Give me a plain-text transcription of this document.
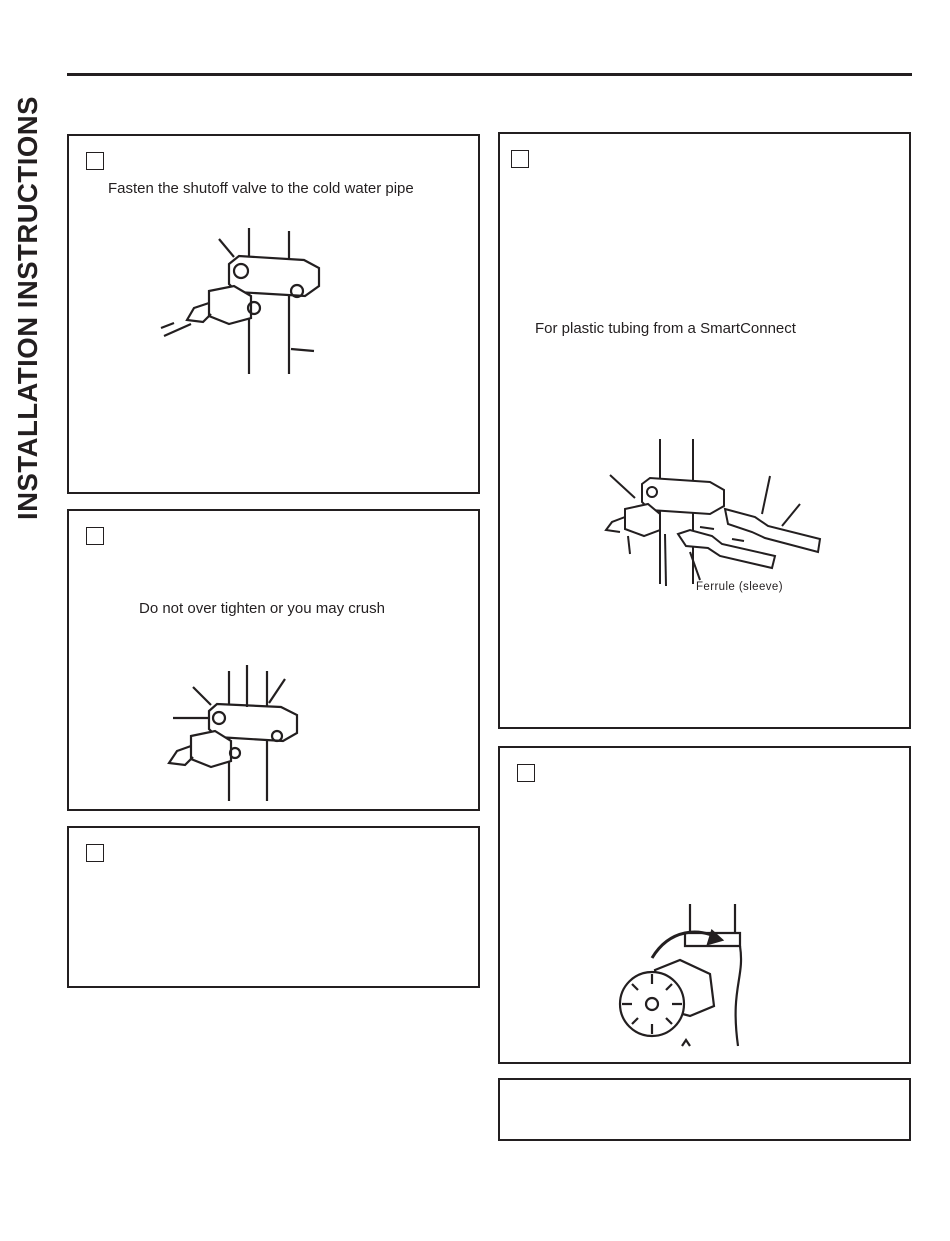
INSTALLATION INSTRUCTIONS	Fasten the shutoff valve to the cold water pipe
Do not over tighten or you may crush
For plastic tubing from a SmartConnect
Ferrule (sleeve)
